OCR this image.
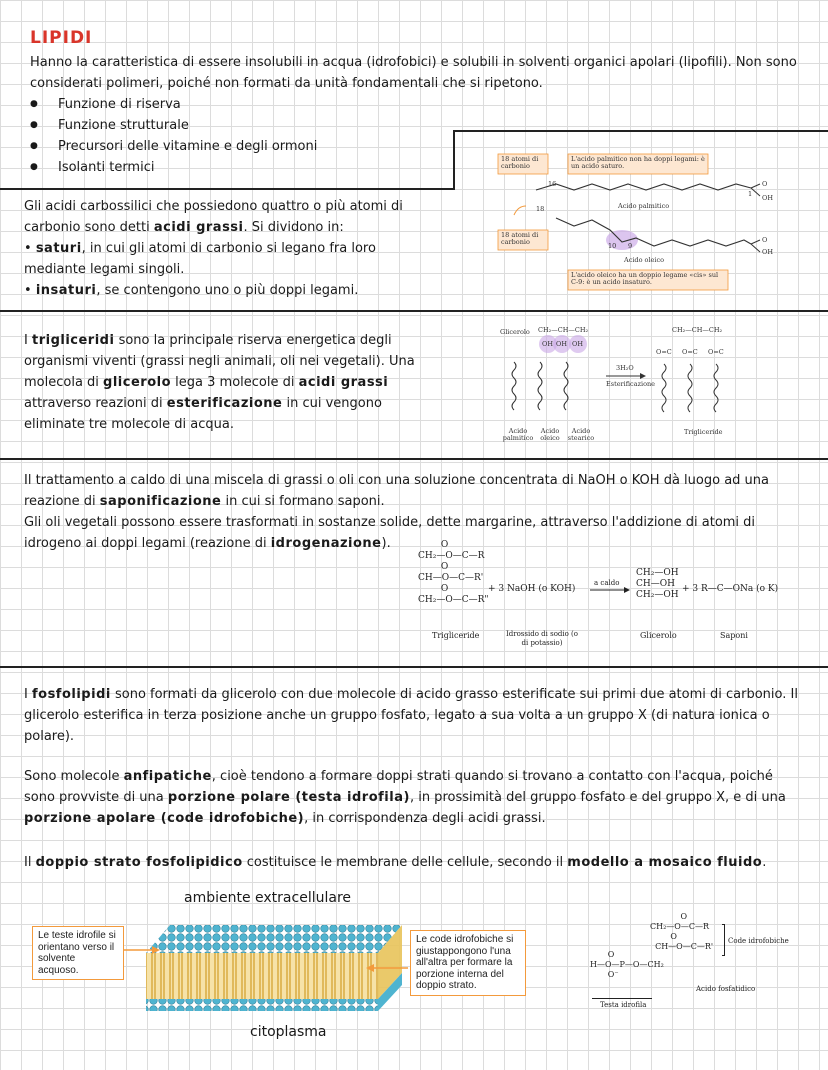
LIPIDI
Hanno la caratteristica di essere insolubili in acqua (idrofobici) e solubili in solventi organici apolari (lipofili). Non sono considerati polimeri, poiché non formati da unità fondamentali che si ripetono.
● Funzione di riserva
● Funzione strutturale
● Precursori delle vitamine e degli ormoni
● Isolanti termici
Gli acidi carbossilici che possiedono quattro o più atomi di carbonio sono detti acidi grassi. Si dividono in:
• saturi, in cui gli atomi di carbonio si legano fra loro mediante legami singoli.
• insaturi, se contengono uno o più doppi legami.
18 atomi di carbonio
L'acido palmitico non ha doppi legami: è un acido saturo.
18 atomi di carbonio
L'acido oleico ha un doppio legame «cis» sul C-9: è un acido insaturo.
Acido palmitico
Acido oleico
16
18
10 9
1
O
OH
O
OH
I trigliceridi sono la principale riserva energetica degli organismi viventi (grassi negli animali, oli nei vegetali). Una molecola di glicerolo lega 3 molecole di acidi grassi attraverso reazioni di esterificazione in cui vengono eliminate tre molecole di acqua.
Glicerolo CH₂—CH—CH₂
OH OH OH
3H₂O
Esterificazione
CH₂—CH—CH₂
O=C O=C O=C
Acido palmitico
Acido oleico
Acido stearico
Trigliceride
Il trattamento a caldo di una miscela di grassi o oli con una soluzione concentrata di NaOH o KOH dà luogo ad una reazione di saponificazione in cui si formano saponi.
Gli oli vegetali possono essere trasformati in sostanze solide, dette margarine, attraverso l'addizione di atomi di idrogeno ai doppi legami (reazione di idrogenazione).	O
CH₂—O—C—R
O
CH—O—C—R'
O
CH₂—O—C—R"
+ 3 NaOH (o KOH)
a caldo
CH₂—OH
CH—OH
CH₂—OH
+ 3 R—C—ONa (o K)
Trigliceride	Idrossido di sodio (o di potassio)
Glicerolo	Saponi
I fosfolipidi sono formati da glicerolo con due molecole di acido grasso esterificate sui primi due atomi di carbonio. Il glicerolo esterifica in terza posizione anche un gruppo fosfato, legato a sua volta a un gruppo X (di natura ionica o polare).
Sono molecole anfipatiche, cioè tendono a formare doppi strati quando si trovano a contatto con l'acqua, poiché sono provviste di una porzione polare (testa idrofila), in prossimità del gruppo fosfato e del gruppo X, e di una porzione apolare (code idrofobiche), in corrispondenza degli acidi grassi.
Il doppio strato fosfolipidico costituisce le membrane delle cellule, secondo il modello a mosaico fluido.
ambiente extracellulare
citoplasma
Le teste idrofile si orientano verso il solvente acquoso.
Le code idrofobiche si giustappongono l'una all'altra per formare la porzione interna del doppio strato.
O
CH₂—O—C—R
O
CH—O—C—R'
O
H—O—P—O—CH₂
O⁻
Code idrofobiche
Acido fosfatidico
Testa idrofila
